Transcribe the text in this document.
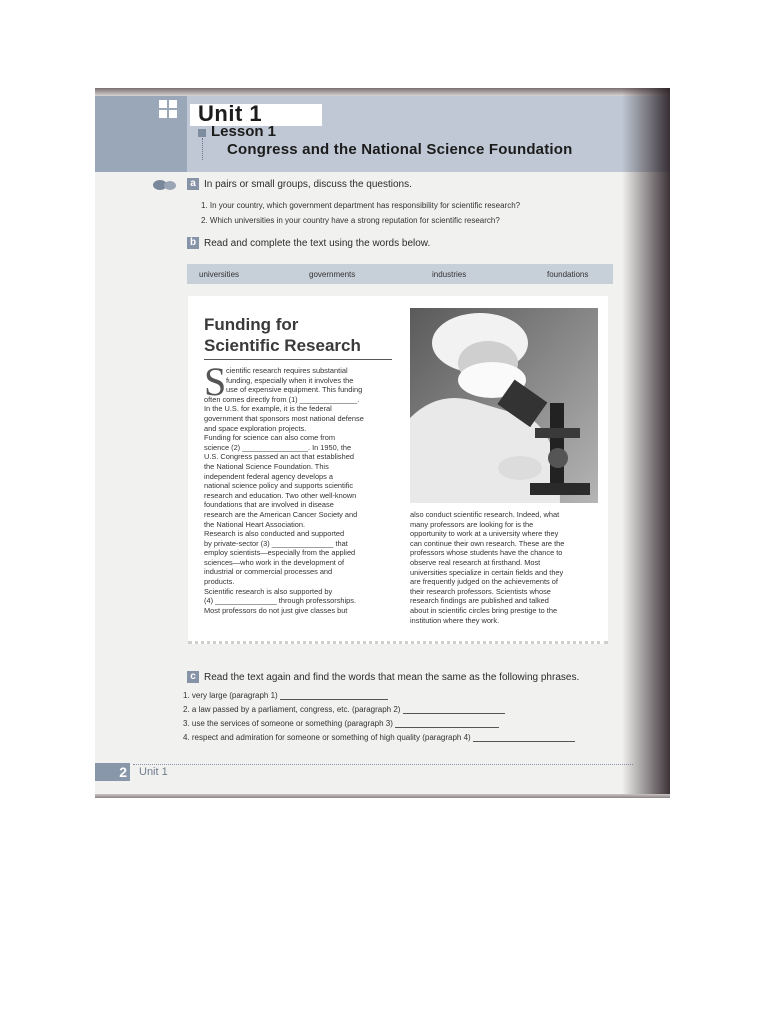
Unit 1
Lesson 1
Congress and the National Science Foundation
a In pairs or small groups, discuss the questions.
1. In your country, which government department has responsibility for scientific research?
2. Which universities in your country have a strong reputation for scientific research?
b Read and complete the text using the words below.
universities	governments	industries	foundations
Funding for
Scientific Research
S cientific research requires substantial
funding, especially when it involves the
use of expensive equipment. This funding
often comes directly from (1) ______________.
In the U.S. for example, it is the federal
government that sponsors most national defense
and space exploration projects.
Funding for science can also come from
science (2) ________________. In 1950, the
U.S. Congress passed an act that established
the National Science Foundation. This
independent federal agency develops a
national science policy and supports scientific
research and education. Two other well-known
foundations that are involved in disease
research are the American Cancer Society and
the National Heart Association.
Research is also conducted and supported
by private-sector (3) _______________ that
employ scientists—especially from the applied
sciences—who work in the development of
industrial or commercial processes and
products.
Scientific research is also supported by
(4) _______________ through professorships.
Most professors do not just give classes but
also conduct scientific research. Indeed, what
many professors are looking for is the
opportunity to work at a university where they
can continue their own research. These are the
professors whose students have the chance to
observe real research at firsthand. Most
universities specialize in certain fields and they
are frequently judged on the achievements of
their research professors. Scientists whose
research findings are published and talked
about in scientific circles bring prestige to the
institution where they work.
c Read the text again and find the words that mean the same as the following phrases.
1. very large (paragraph 1)
2. a law passed by a parliament, congress, etc. (paragraph 2)
3. use the services of someone or something (paragraph 3)
4. respect and admiration for someone or something of high quality (paragraph 4)
2 Unit 1
